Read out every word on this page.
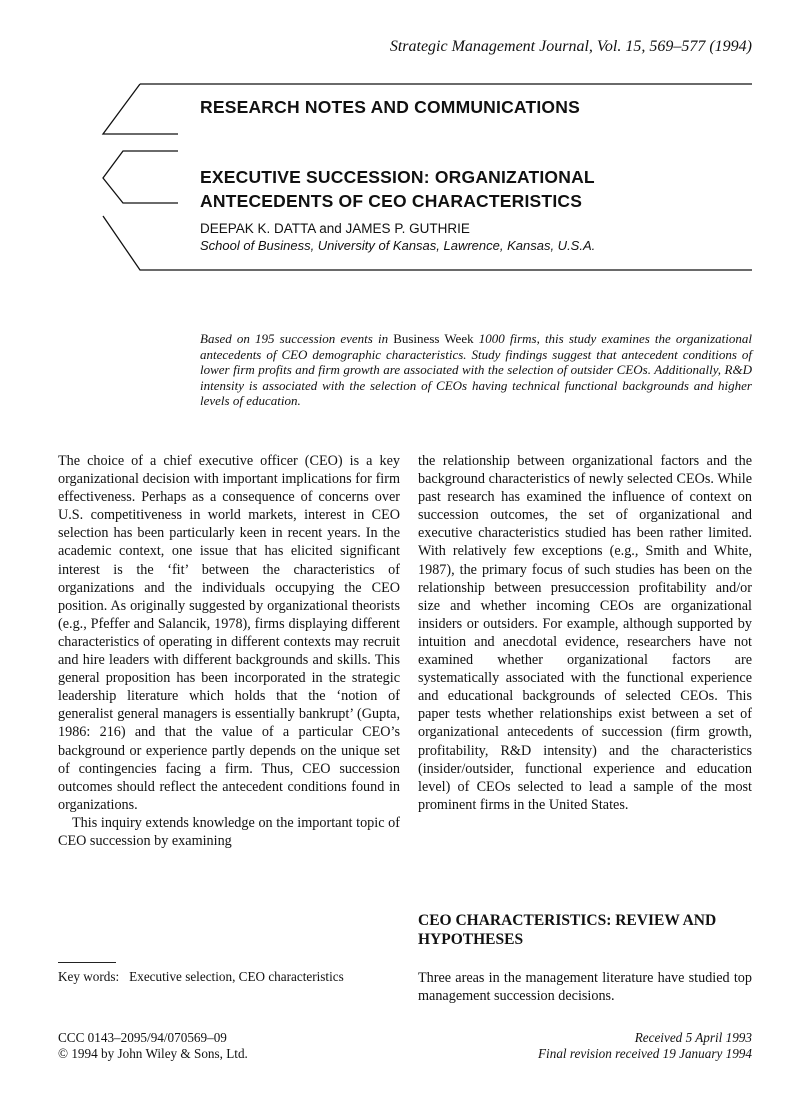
Strategic Management Journal, Vol. 15, 569–577 (1994)
RESEARCH NOTES AND COMMUNICATIONS
EXECUTIVE SUCCESSION: ORGANIZATIONAL
ANTECEDENTS OF CEO CHARACTERISTICS
DEEPAK K. DATTA and JAMES P. GUTHRIE
School of Business, University of Kansas, Lawrence, Kansas, U.S.A.
Based on 195 succession events in Business Week 1000 firms, this study examines the organizational antecedents of CEO demographic characteristics. Study findings suggest that antecedent conditions of lower firm profits and firm growth are associated with the selection of outsider CEOs. Additionally, R&D intensity is associated with the selection of CEOs having technical functional backgrounds and higher levels of education.

The choice of a chief executive officer (CEO) is a key organizational decision with important implications for firm effectiveness. Perhaps as a consequence of concerns over U.S. competitiveness in world markets, interest in CEO selection has been particularly keen in recent years. In the academic context, one issue that has elicited significant interest is the ‘fit’ between the characteristics of organizations and the individuals occupying the CEO position. As originally suggested by organizational theorists (e.g., Pfeffer and Salancik, 1978), firms displaying different characteristics of operating in different contexts may recruit and hire leaders with different backgrounds and skills. This general proposition has been incorporated in the strategic leadership literature which holds that the ‘notion of generalist general managers is essentially bankrupt’ (Gupta, 1986: 216) and that the value of a particular CEO’s background or experience partly depends on the unique set of contingencies facing a firm. Thus, CEO succession outcomes should reflect the antecedent conditions found in organizations.

This inquiry extends knowledge on the important topic of CEO succession by examining

the relationship between organizational factors and the background characteristics of newly selected CEOs. While past research has examined the influence of context on succession outcomes, the set of organizational and executive characteristics studied has been rather limited. With relatively few exceptions (e.g., Smith and White, 1987), the primary focus of such studies has been on the relationship between presuccession profitability and/or size and whether incoming CEOs are organizational insiders or outsiders. For example, although supported by intuition and anecdotal evidence, researchers have not examined whether organizational factors are systematically associated with the functional experience and educational backgrounds of selected CEOs. This paper tests whether relationships exist between a set of organizational antecedents of succession (firm growth, profitability, R&D intensity) and the characteristics (insider/outsider, functional experience and education level) of CEOs selected to lead a sample of the most prominent firms in the United States.

CEO CHARACTERISTICS: REVIEW AND HYPOTHESES

Three areas in the management literature have studied top management succession decisions.

Key words: Executive selection, CEO characteristics
CCC 0143–2095/94/070569–09
© 1994 by John Wiley & Sons, Ltd.
Received 5 April 1993
Final revision received 19 January 1994
